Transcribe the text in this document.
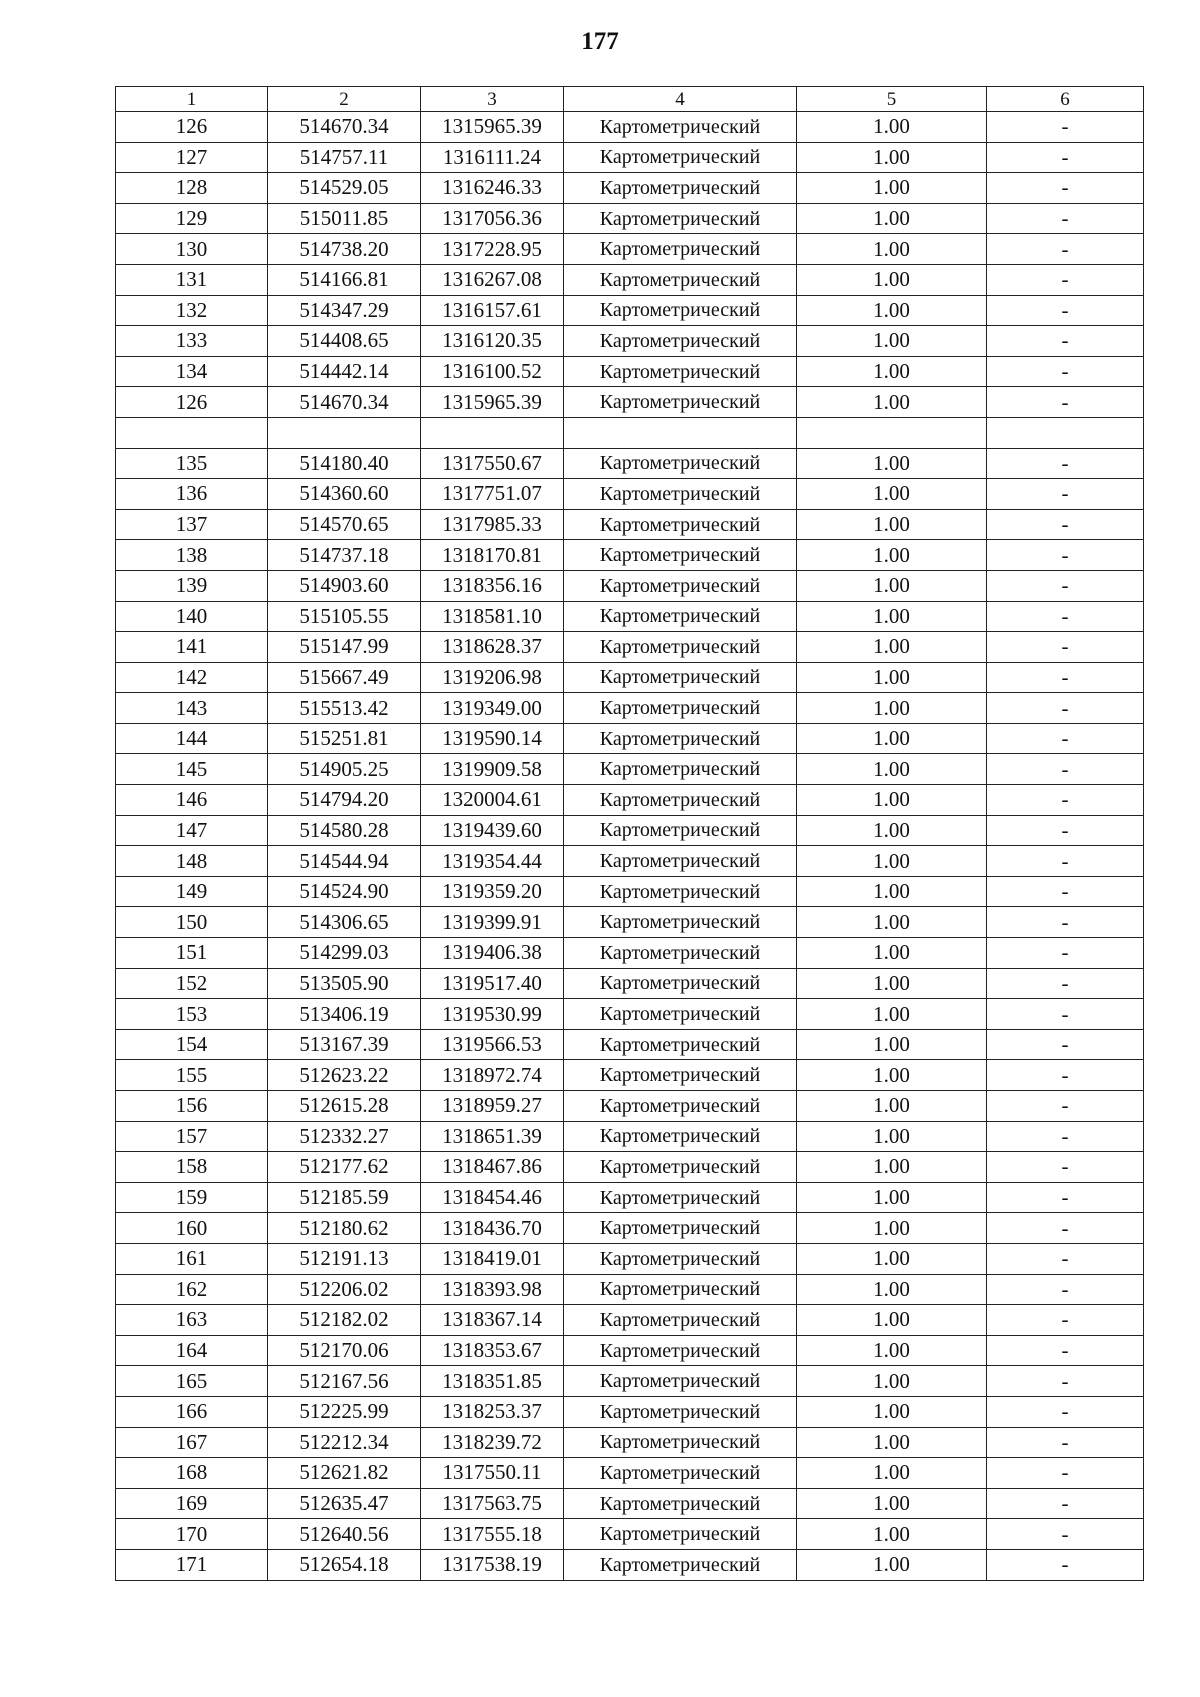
177
1	2	3	4	5	6
126	514670.34	1315965.39	Картометрический	1.00	-
127	514757.11	1316111.24	Картометрический	1.00	-
128	514529.05	1316246.33	Картометрический	1.00	-
129	515011.85	1317056.36	Картометрический	1.00	-
130	514738.20	1317228.95	Картометрический	1.00	-
131	514166.81	1316267.08	Картометрический	1.00	-
132	514347.29	1316157.61	Картометрический	1.00	-
133	514408.65	1316120.35	Картометрический	1.00	-
134	514442.14	1316100.52	Картометрический	1.00	-
126	514670.34	1315965.39	Картометрический	1.00	-

135	514180.40	1317550.67	Картометрический	1.00	-
136	514360.60	1317751.07	Картометрический	1.00	-
137	514570.65	1317985.33	Картометрический	1.00	-
138	514737.18	1318170.81	Картометрический	1.00	-
139	514903.60	1318356.16	Картометрический	1.00	-
140	515105.55	1318581.10	Картометрический	1.00	-
141	515147.99	1318628.37	Картометрический	1.00	-
142	515667.49	1319206.98	Картометрический	1.00	-
143	515513.42	1319349.00	Картометрический	1.00	-
144	515251.81	1319590.14	Картометрический	1.00	-
145	514905.25	1319909.58	Картометрический	1.00	-
146	514794.20	1320004.61	Картометрический	1.00	-
147	514580.28	1319439.60	Картометрический	1.00	-
148	514544.94	1319354.44	Картометрический	1.00	-
149	514524.90	1319359.20	Картометрический	1.00	-
150	514306.65	1319399.91	Картометрический	1.00	-
151	514299.03	1319406.38	Картометрический	1.00	-
152	513505.90	1319517.40	Картометрический	1.00	-
153	513406.19	1319530.99	Картометрический	1.00	-
154	513167.39	1319566.53	Картометрический	1.00	-
155	512623.22	1318972.74	Картометрический	1.00	-
156	512615.28	1318959.27	Картометрический	1.00	-
157	512332.27	1318651.39	Картометрический	1.00	-
158	512177.62	1318467.86	Картометрический	1.00	-
159	512185.59	1318454.46	Картометрический	1.00	-
160	512180.62	1318436.70	Картометрический	1.00	-
161	512191.13	1318419.01	Картометрический	1.00	-
162	512206.02	1318393.98	Картометрический	1.00	-
163	512182.02	1318367.14	Картометрический	1.00	-
164	512170.06	1318353.67	Картометрический	1.00	-
165	512167.56	1318351.85	Картометрический	1.00	-
166	512225.99	1318253.37	Картометрический	1.00	-
167	512212.34	1318239.72	Картометрический	1.00	-
168	512621.82	1317550.11	Картометрический	1.00	-
169	512635.47	1317563.75	Картометрический	1.00	-
170	512640.56	1317555.18	Картометрический	1.00	-
171	512654.18	1317538.19	Картометрический	1.00	-
